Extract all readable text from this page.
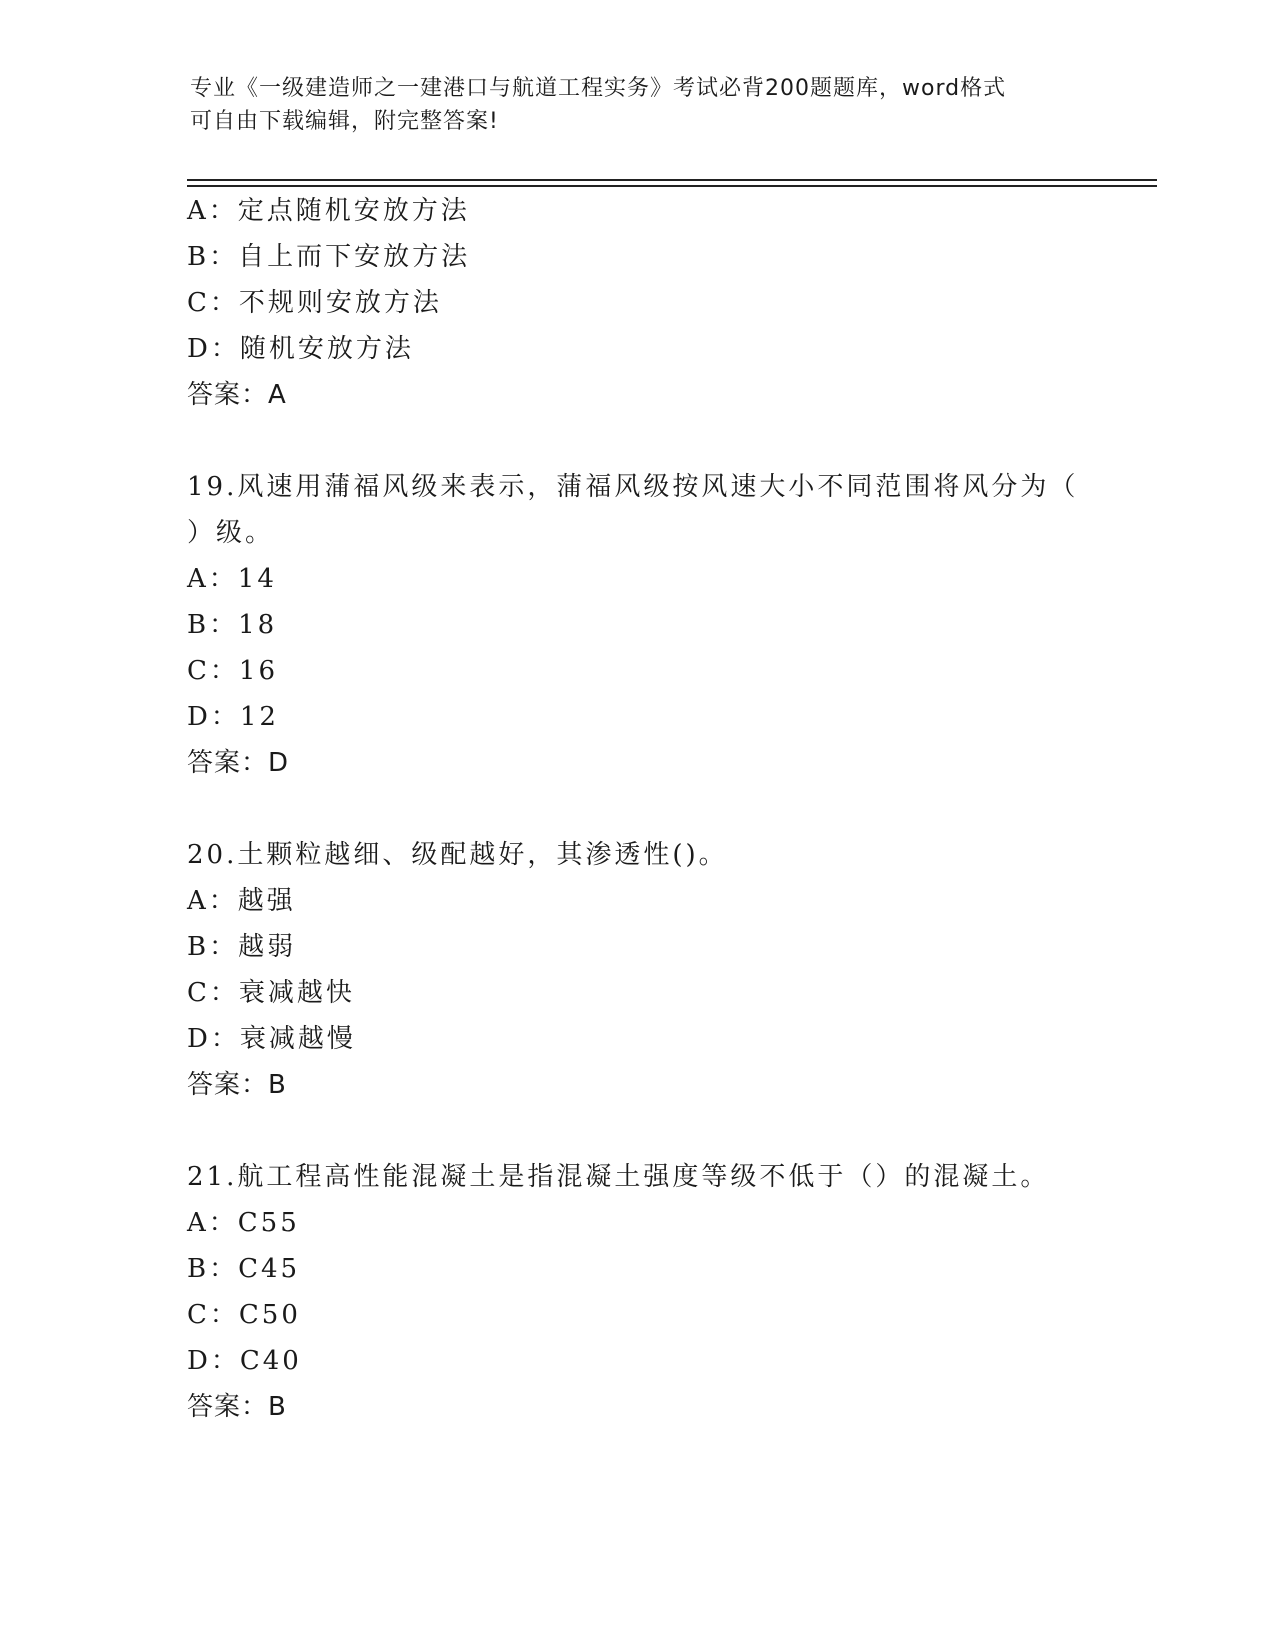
专业《一级建造师之一建港口与航道工程实务》考试必背200题题库，word格式
可自由下载编辑，附完整答案!
A：定点随机安放方法
B：自上而下安放方法
C：不规则安放方法
D：随机安放方法
答案：A
19.风速用蒲福风级来表示，蒲福风级按风速大小不同范围将风分为（
）级。
A：14
B：18
C：16
D：12
答案：D
20.土颗粒越细、级配越好，其渗透性()。
A：越强
B：越弱
C：衰减越快
D：衰减越慢
答案：B
21.航工程高性能混凝土是指混凝土强度等级不低于（）的混凝土。
A：C55
B：C45
C：C50
D：C40
答案：B
